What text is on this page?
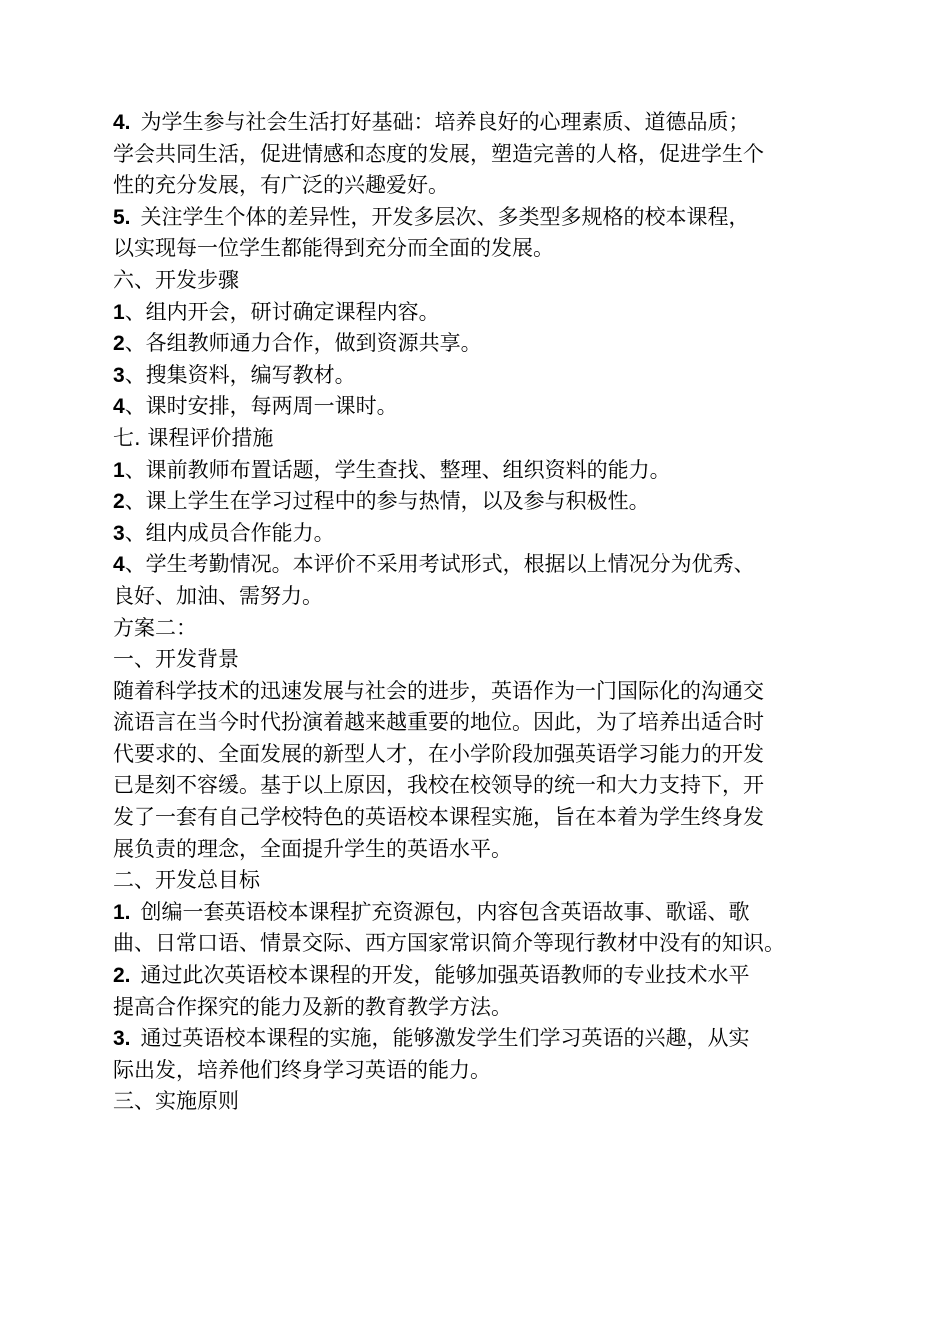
4. 为学生参与社会生活打好基础：培养良好的心理素质、道德品质；
学会共同生活，促进情感和态度的发展，塑造完善的人格，促进学生个
性的充分发展，有广泛的兴趣爱好。
5. 关注学生个体的差异性，开发多层次、多类型多规格的校本课程，
以实现每一位学生都能得到充分而全面的发展。
六、开发步骤
1、组内开会，研讨确定课程内容。
2、各组教师通力合作，做到资源共享。
3、搜集资料，编写教材。
4、课时安排，每两周一课时。
七. 课程评价措施
1、课前教师布置话题，学生查找、整理、组织资料的能力。
2、课上学生在学习过程中的参与热情，以及参与积极性。
3、组内成员合作能力。
4、学生考勤情况。本评价不采用考试形式，根据以上情况分为优秀、
良好、加油、需努力。
方案二：
一、开发背景
随着科学技术的迅速发展与社会的进步，英语作为一门国际化的沟通交
流语言在当今时代扮演着越来越重要的地位。因此，为了培养出适合时
代要求的、全面发展的新型人才，在小学阶段加强英语学习能力的开发
已是刻不容缓。基于以上原因，我校在校领导的统一和大力支持下，开
发了一套有自己学校特色的英语校本课程实施，旨在本着为学生终身发
展负责的理念，全面提升学生的英语水平。
二、开发总目标
1. 创编一套英语校本课程扩充资源包，内容包含英语故事、歌谣、歌
曲、日常口语、情景交际、西方国家常识简介等现行教材中没有的知识。
2. 通过此次英语校本课程的开发，能够加强英语教师的专业技术水平
提高合作探究的能力及新的教育教学方法。
3. 通过英语校本课程的实施，能够激发学生们学习英语的兴趣，从实
际出发，培养他们终身学习英语的能力。
三、实施原则
